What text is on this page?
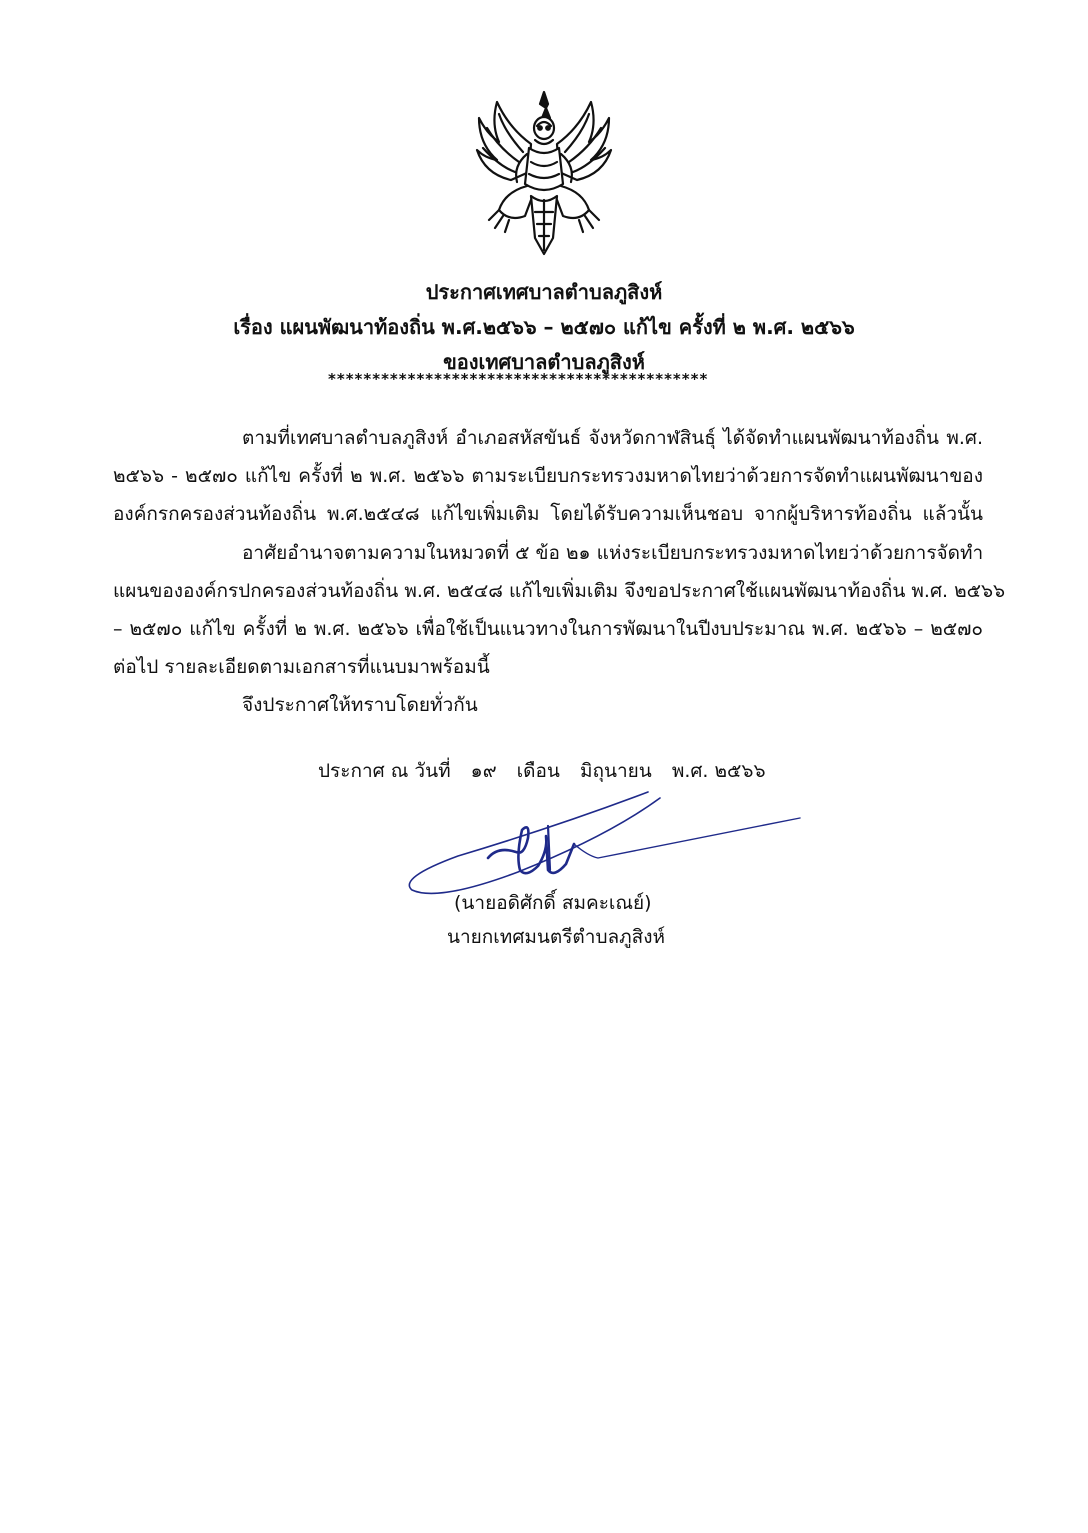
ประกาศเทศบาลตำบลภูสิงห์
เรื่อง แผนพัฒนาท้องถิ่น พ.ศ.๒๕๖๖ – ๒๕๗๐ แก้ไข ครั้งที่ ๒ พ.ศ. ๒๕๖๖
ของเทศบาลตำบลภูสิงห์
*******************************************
ตามที่เทศบาลตำบลภูสิงห์ อำเภอสหัสขันธ์ จังหวัดกาฬสินธุ์ ได้จัดทำแผนพัฒนาท้องถิ่น พ.ศ.
๒๕๖๖ - ๒๕๗๐ แก้ไข ครั้งที่ ๒ พ.ศ. ๒๕๖๖ ตามระเบียบกระทรวงมหาดไทยว่าด้วยการจัดทำแผนพัฒนาของ
องค์กรกครองส่วนท้องถิ่น พ.ศ.๒๕๔๘ แก้ไขเพิ่มเติม โดยได้รับความเห็นชอบ จากผู้บริหารท้องถิ่น แล้วนั้น
อาศัยอำนาจตามความในหมวดที่ ๕ ข้อ ๒๑ แห่งระเบียบกระทรวงมหาดไทยว่าด้วยการจัดทำ
แผนขององค์กรปกครองส่วนท้องถิ่น พ.ศ. ๒๕๔๘ แก้ไขเพิ่มเติม จึงขอประกาศใช้แผนพัฒนาท้องถิ่น พ.ศ. ๒๕๖๖
– ๒๕๗๐ แก้ไข ครั้งที่ ๒ พ.ศ. ๒๕๖๖ เพื่อใช้เป็นแนวทางในการพัฒนาในปีงบประมาณ พ.ศ. ๒๕๖๖ – ๒๕๗๐
ต่อไป รายละเอียดตามเอกสารที่แนบมาพร้อมนี้
จึงประกาศให้ทราบโดยทั่วกัน
ประกาศ ณ วันที่ ๑๙ เดือน มิถุนายน พ.ศ. ๒๕๖๖
(นายอดิศักดิ์ สมคะเณย์)
นายกเทศมนตรีตำบลภูสิงห์
